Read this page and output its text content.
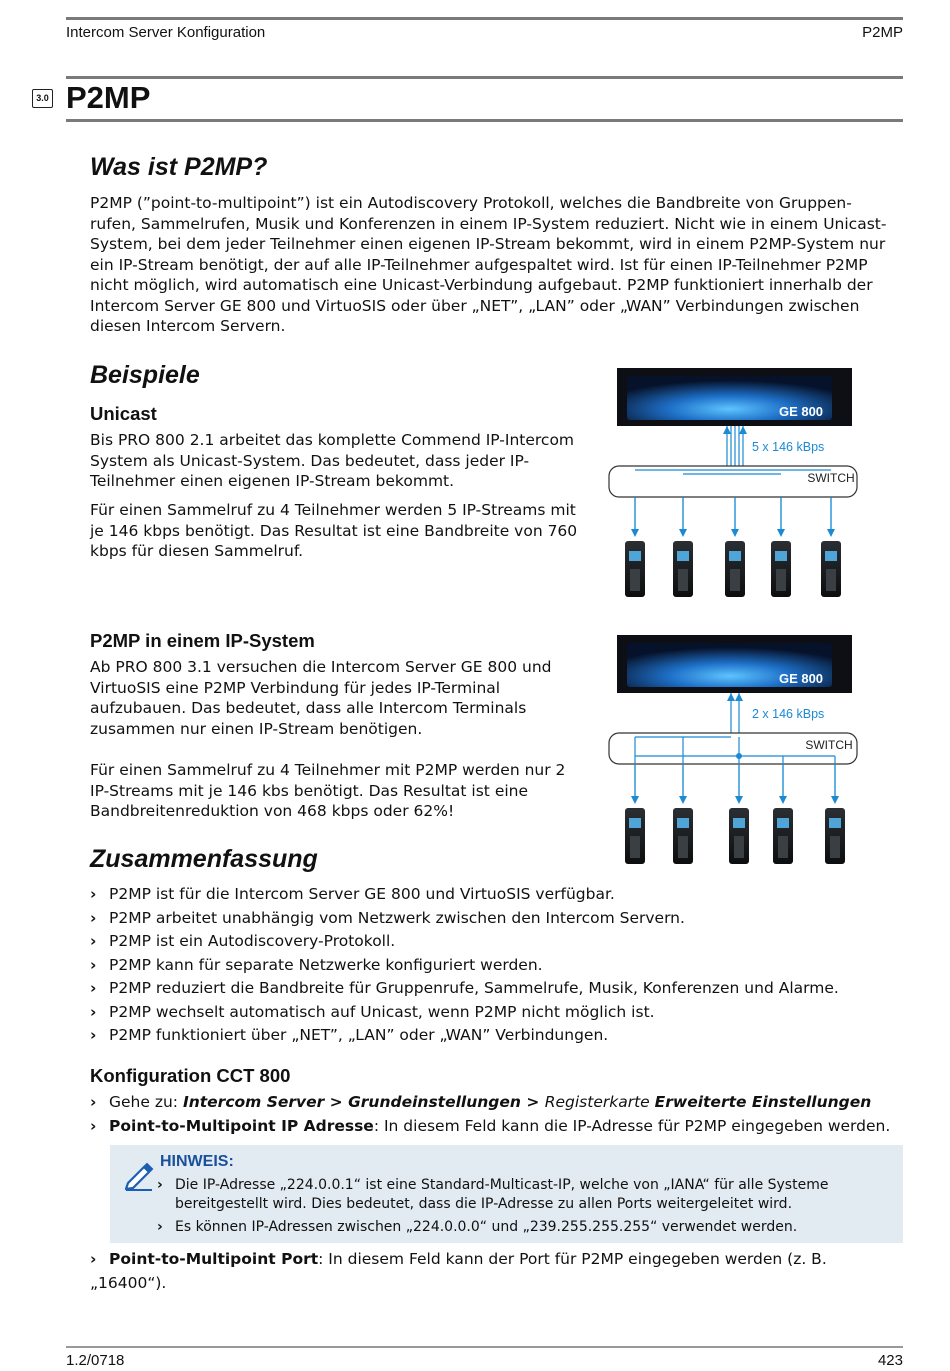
Intercom Server Konfiguration	P2MP
3.0 P2MP
Was ist P2MP?
P2MP (”point-to-multipoint”) ist ein Autodiscovery Protokoll, welches die Bandbreite von Gruppen-
rufen, Sammelrufen, Musik und Konferenzen in einem IP-System reduziert. Nicht wie in einem Unicast-
System, bei dem jeder Teilnehmer einen eigenen IP-Stream bekommt, wird in einem P2MP-System nur
ein IP-Stream benötigt, der auf alle IP-Teilnehmer aufgespaltet wird. Ist für einen IP-Teilnehmer P2MP
nicht möglich, wird automatisch eine Unicast-Verbindung aufgebaut. P2MP funktioniert innerhalb der
Intercom Server GE 800 und VirtuoSIS oder über „NET”, „LAN” oder „WAN” Verbindungen zwischen
diesen Intercom Servern.
Beispiele
Unicast
Bis PRO 800 2.1 arbeitet das komplette Commend IP-Intercom
System als Unicast-System. Das bedeutet, dass jeder IP-
Teilnehmer einen eigenen IP-Stream bekommt.
Für einen Sammelruf zu 4 Teilnehmer werden 5 IP-Streams mit
je 146 kbps benötigt. Das Resultat ist eine Bandbreite von 760
kbps für diesen Sammelruf.
GE 800
5 x 146 kBps
SWITCH
P2MP in einem IP-System
Ab PRO 800 3.1 versuchen die Intercom Server GE 800 und
VirtuoSIS eine P2MP Verbindung für jedes IP-Terminal
aufzubauen. Das bedeutet, dass alle Intercom Terminals
zusammen nur einen IP-Stream benötigen.
Für einen Sammelruf zu 4 Teilnehmer mit P2MP werden nur 2
IP-Streams mit je 146 kbs benötigt. Das Resultat ist eine
Bandbreitenreduktion von 468 kbps oder 62%!
GE 800
2 x 146 kBps
SWITCH
Zusammenfassung
› P2MP ist für die Intercom Server GE 800 und VirtuoSIS verfügbar.
› P2MP arbeitet unabhängig vom Netzwerk zwischen den Intercom Servern.
› P2MP ist ein Autodiscovery-Protokoll.
› P2MP kann für separate Netzwerke konfiguriert werden.
› P2MP reduziert die Bandbreite für Gruppenrufe, Sammelrufe, Musik, Konferenzen und Alarme.
› P2MP wechselt automatisch auf Unicast, wenn P2MP nicht möglich ist.
› P2MP funktioniert über „NET”, „LAN” oder „WAN” Verbindungen.
Konfiguration CCT 800
› Gehe zu: Intercom Server > Grundeinstellungen > Registerkarte Erweiterte Einstellungen
› Point-to-Multipoint IP Adresse: In diesem Feld kann die IP-Adresse für P2MP eingegeben werden.
HINWEIS:
› Die IP-Adresse „224.0.0.1“ ist eine Standard-Multicast-IP, welche von „IANA“ für alle Systeme
bereitgestellt wird. Dies bedeutet, dass die IP-Adresse zu allen Ports weitergeleitet wird.
› Es können IP-Adressen zwischen „224.0.0.0“ und „239.255.255.255“ verwendet werden.
› Point-to-Multipoint Port: In diesem Feld kann der Port für P2MP eingegeben werden (z. B. „16400“).
1.2/0718	423
